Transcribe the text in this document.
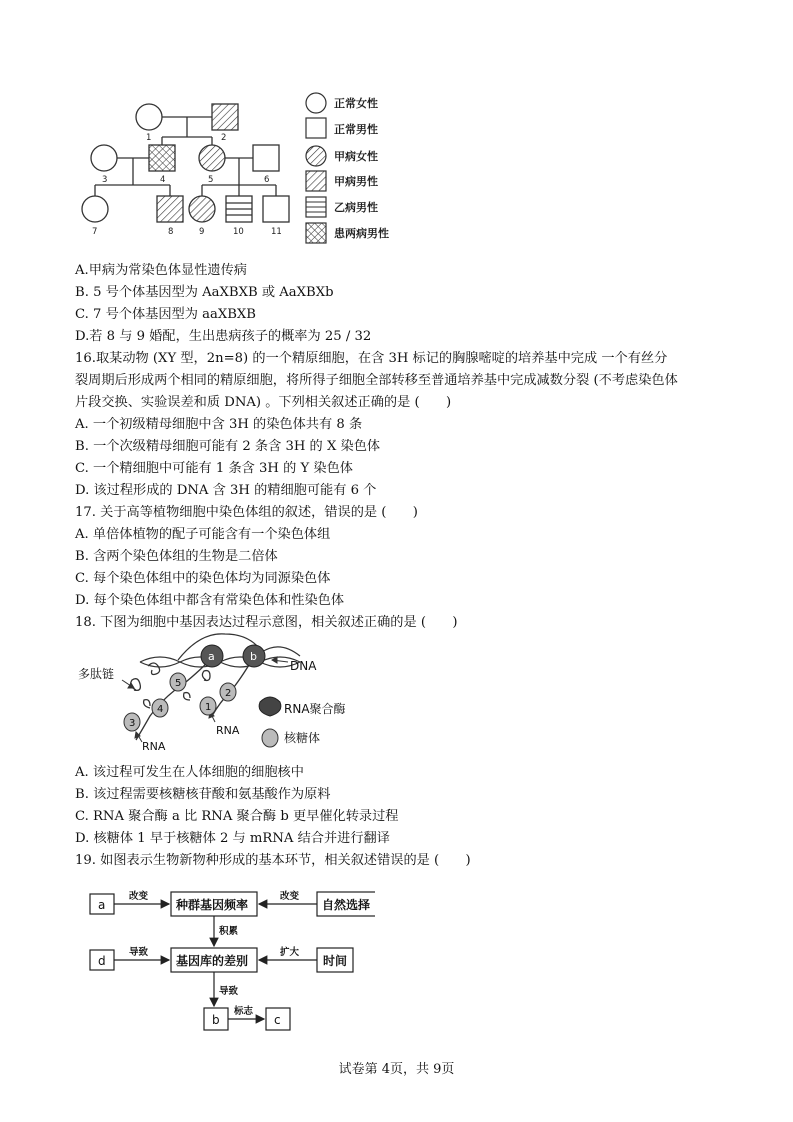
1	2
3	4	5	6
7	8	9	10	11
正常女性
正常男性
甲病女性
甲病男性
乙病男性
患两病男性
A.甲病为常染色体显性遗传病
B. 5 号个体基因型为 AaXBXB 或 AaXBXb
C. 7 号个体基因型为 aaXBXB
D.若 8 与 9 婚配，生出患病孩子的概率为 25 / 32
16.取某动物 (XY 型，2n=8) 的一个精原细胞，在含 3H 标记的胸腺嘧啶的培养基中完成 一个有丝分
裂周期后形成两个相同的精原细胞，将所得子细胞全部转移至普通培养基中完成减数分裂 (不考虑染色体
片段交换、实验误差和质 DNA) 。下列相关叙述正确的是 (　　)
A. 一个初级精母细胞中含 3H 的染色体共有 8 条
B. 一个次级精母细胞可能有 2 条含 3H 的 X 染色体
C. 一个精细胞中可能有 1 条含 3H 的 Y 染色体
D. 该过程形成的 DNA 含 3H 的精细胞可能有 6 个
17. 关于高等植物细胞中染色体组的叙述，错误的是 (　　)
A. 单倍体植物的配子可能含有一个染色体组
B. 含两个染色体组的生物是二倍体
C. 每个染色体组中的染色体均为同源染色体
D. 每个染色体组中都含有常染色体和性染色体
18. 下图为细胞中基因表达过程示意图，相关叙述正确的是 (　　)
a	b
5
4
3
2
1
DNA
多肽链
RNA
RNA
RNA聚合酶
核糖体
A. 该过程可发生在人体细胞的细胞核中
B. 该过程需要核糖核苷酸和氨基酸作为原料
C. RNA 聚合酶 a 比 RNA 聚合酶 b 更早催化转录过程
D. 核糖体 1 早于核糖体 2 与 mRNA 结合并进行翻译
19. 如图表示生物新物种形成的基本环节，相关叙述错误的是 (　　)
a	种群基因频率	自然选择
d	基因库的差别	时间
b	c
改变	改变
积累
导致	扩大
导致
标志
试卷第 4页，共 9页
